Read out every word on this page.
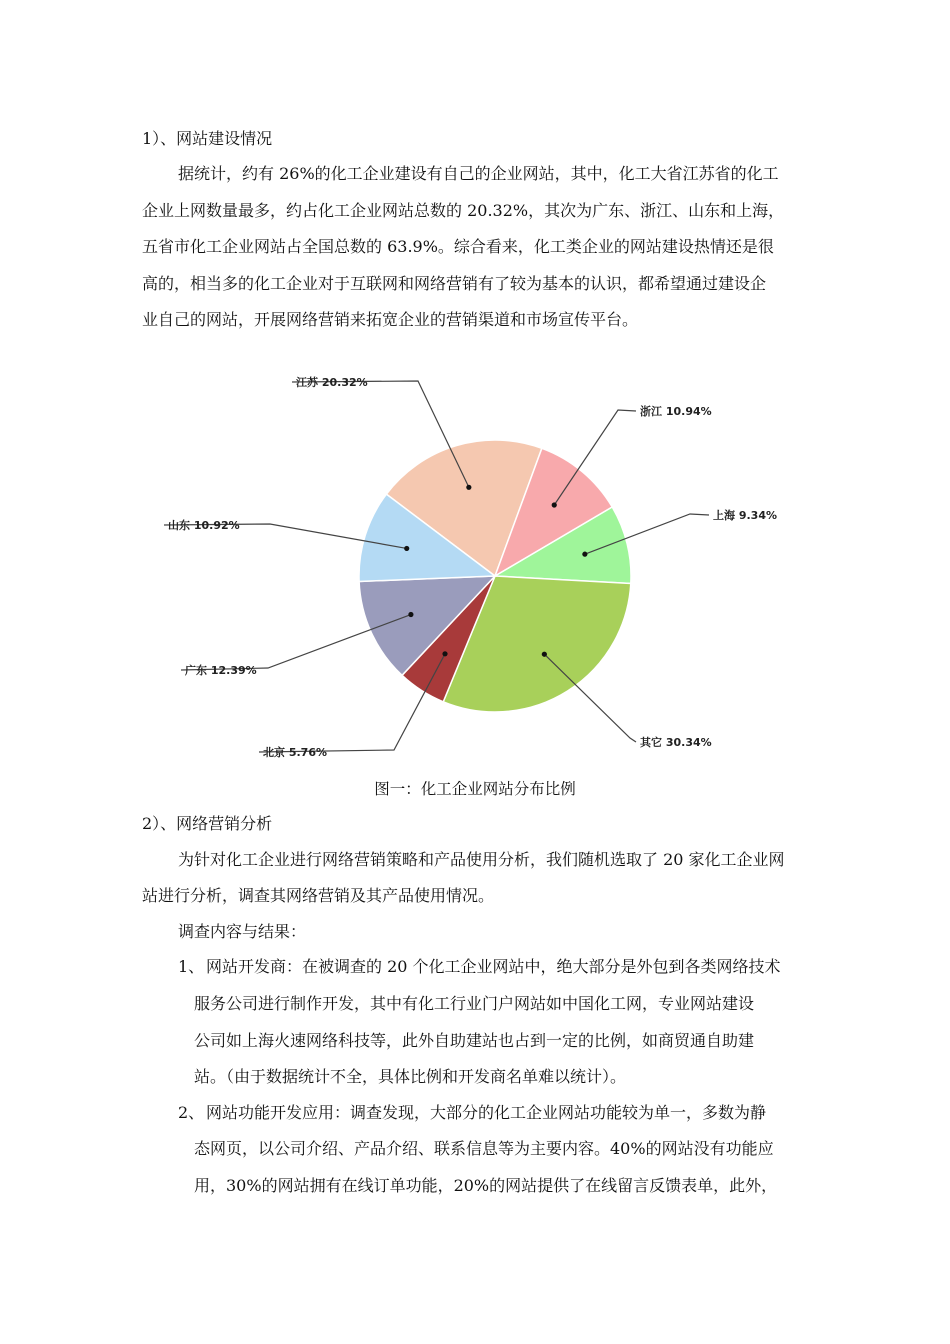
1）、网站建设情况
据统计，约有 26%的化工企业建设有自己的企业网站，其中，化工大省江苏省的化工
企业上网数量最多，约占化工企业网站总数的 20.32%，其次为广东、浙江、山东和上海，
五省市化工企业网站占全国总数的 63.9%。综合看来，化工类企业的网站建设热情还是很
高的，相当多的化工企业对于互联网和网络营销有了较为基本的认识，都希望通过建设企
业自己的网站，开展网络营销来拓宽企业的营销渠道和市场宣传平台。
江苏 20.32%
浙江 10.94%
上海 9.34%
其它 30.34%
北京 5.76%
广东 12.39%
山东 10.92%
图一：化工企业网站分布比例
2）、网络营销分析
为针对化工企业进行网络营销策略和产品使用分析，我们随机选取了 20 家化工企业网
站进行分析，调查其网络营销及其产品使用情况。
调查内容与结果：
1、 网站开发商：在被调查的 20 个化工企业网站中，绝大部分是外包到各类网络技术
服务公司进行制作开发，其中有化工行业门户网站如中国化工网，专业网站建设
公司如上海火速网络科技等，此外自助建站也占到一定的比例，如商贸通自助建
站。（由于数据统计不全，具体比例和开发商名单难以统计）。
2、 网站功能开发应用：调查发现，大部分的化工企业网站功能较为单一，多数为静
态网页，以公司介绍、产品介绍、联系信息等为主要内容。40%的网站没有功能应
用，30%的网站拥有在线订单功能，20%的网站提供了在线留言反馈表单，此外，
